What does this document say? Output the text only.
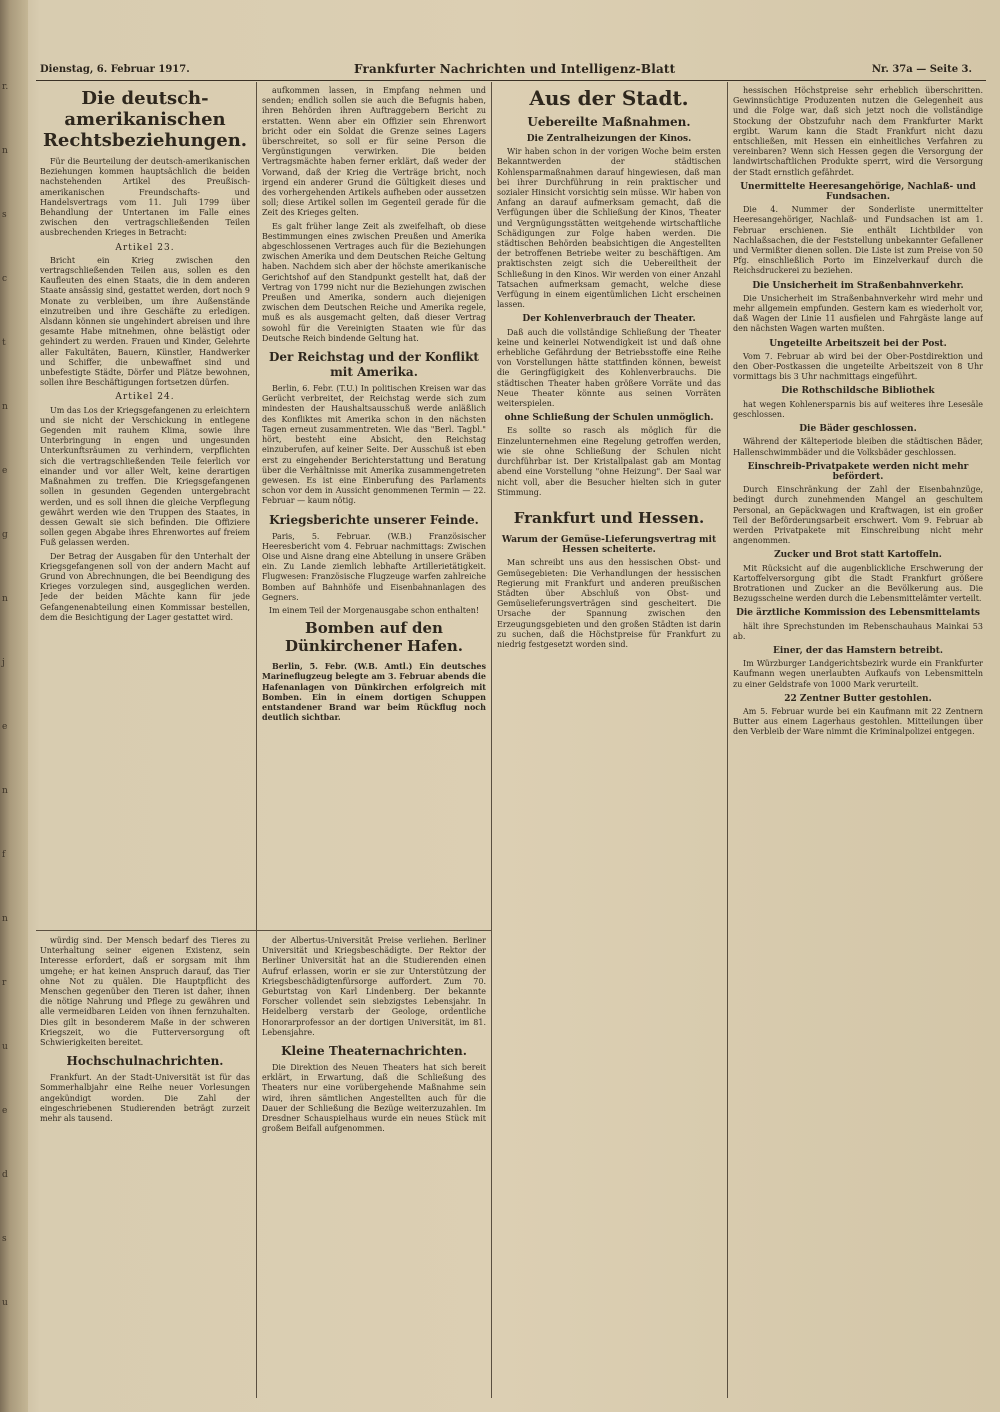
r.
n
s
c
t
n
e
g
n
j
e
n
f
n
r
u
e
d
s
u
Dienstag, 6. Februar 1917.	Frankfurter Nachrichten und Intelligenz-Blatt	Nr. 37a — Seite 3.
Die deutsch-amerikanischen Rechtsbeziehungen.

Für die Beurteilung der deutsch-amerikanischen Beziehungen kommen hauptsächlich die beiden nachstehenden Artikel des Preußisch-amerikanischen Freundschafts- und Handelsvertrags vom 11. Juli 1799 über Behandlung der Untertanen im Falle eines zwischen den vertragschließenden Teilen ausbrechenden Krieges in Betracht:

Artikel 23.

Bricht ein Krieg zwischen den vertragschließenden Teilen aus, sollen es den Kaufleuten des einen Staats, die in dem anderen Staate ansässig sind, gestattet werden, dort noch 9 Monate zu verbleiben, um ihre Außenstände einzutreiben und ihre Geschäfte zu erledigen. Alsdann können sie ungehindert abreisen und ihre gesamte Habe mitnehmen, ohne belästigt oder gehindert zu werden. Frauen und Kinder, Gelehrte aller Fakultäten, Bauern, Künstler, Handwerker und Schiffer, die unbewaffnet sind und unbefestigte Städte, Dörfer und Plätze bewohnen, sollen ihre Beschäftigungen fortsetzen dürfen.

Artikel 24.

Um das Los der Kriegsgefangenen zu erleichtern und sie nicht der Verschickung in entlegene Gegenden mit rauhem Klima, sowie ihre Unterbringung in engen und ungesunden Unterkunftsräumen zu verhindern, verpflichten sich die vertragschließenden Teile feierlich vor einander und vor aller Welt, keine derartigen Maßnahmen zu treffen. Die Kriegsgefangenen sollen in gesunden Gegenden untergebracht werden, und es soll ihnen die gleiche Verpflegung gewährt werden wie den Truppen des Staates, in dessen Gewalt sie sich befinden. Die Offiziere sollen gegen Abgabe ihres Ehrenwortes auf freiem Fuß gelassen werden.

Der Betrag der Ausgaben für den Unterhalt der Kriegsgefangenen soll von der andern Macht auf Grund von Abrechnungen, die bei Beendigung des Krieges vorzulegen sind, ausgeglichen werden. Jede der beiden Mächte kann für jede Gefangenenabteilung einen Kommissar bestellen, dem die Besichtigung der Lager gestattet wird.

würdig sind. Der Mensch bedarf des Tieres zu Unterhaltung seiner eigenen Existenz, sein Interesse erfordert, daß er sorgsam mit ihm umgehe; er hat keinen Anspruch darauf, das Tier ohne Not zu quälen. Die Hauptpflicht des Menschen gegenüber den Tieren ist daher, ihnen die nötige Nahrung und Pflege zu gewähren und alle vermeidbaren Leiden von ihnen fernzuhalten. Dies gilt in besonderem Maße in der schweren Kriegszeit, wo die Futterversorgung oft Schwierigkeiten bereitet.

Hochschulnachrichten.

Frankfurt. An der Stadt-Universität ist für das Sommerhalbjahr eine Reihe neuer Vorlesungen angekündigt worden. Die Zahl der eingeschriebenen Studierenden beträgt zurzeit mehr als tausend.

aufkommen lassen, in Empfang nehmen und senden; endlich sollen sie auch die Befugnis haben, ihren Behörden ihren Auftraggebern Bericht zu erstatten. Wenn aber ein Offizier sein Ehrenwort bricht oder ein Soldat die Grenze seines Lagers überschreitet, so soll er für seine Person die Vergünstigungen verwirken. Die beiden Vertragsmächte haben ferner erklärt, daß weder der Vorwand, daß der Krieg die Verträge bricht, noch irgend ein anderer Grund die Gültigkeit dieses und des vorhergehenden Artikels aufheben oder aussetzen soll; diese Artikel sollen im Gegenteil gerade für die Zeit des Krieges gelten.

Es galt früher lange Zeit als zweifelhaft, ob diese Bestimmungen eines zwischen Preußen und Amerika abgeschlossenen Vertrages auch für die Beziehungen zwischen Amerika und dem Deutschen Reiche Geltung haben. Nachdem sich aber der höchste amerikanische Gerichtshof auf den Standpunkt gestellt hat, daß der Vertrag von 1799 nicht nur die Beziehungen zwischen Preußen und Amerika, sondern auch diejenigen zwischen dem Deutschen Reiche und Amerika regele, muß es als ausgemacht gelten, daß dieser Vertrag sowohl für die Vereinigten Staaten wie für das Deutsche Reich bindende Geltung hat.

Der Reichstag und der Konflikt mit Amerika.

Berlin, 6. Febr. (T.U.) In politischen Kreisen war das Gerücht verbreitet, der Reichstag werde sich zum mindesten der Haushaltsausschuß werde anläßlich des Konfliktes mit Amerika schon in den nächsten Tagen erneut zusammentreten. Wie das "Berl. Tagbl." hört, besteht eine Absicht, den Reichstag einzuberufen, auf keiner Seite. Der Ausschuß ist eben erst zu eingehender Berichterstattung und Beratung über die Verhältnisse mit Amerika zusammengetreten gewesen. Es ist eine Einberufung des Parlaments schon vor dem in Aussicht genommenen Termin — 22. Februar — kaum nötig.

Kriegsberichte unserer Feinde.

Paris, 5. Februar. (W.B.) Französischer Heeresbericht vom 4. Februar nachmittags: Zwischen Oise und Aisne drang eine Abteilung in unsere Gräben ein. Zu Lande ziemlich lebhafte Artillerietätigkeit. Flugwesen: Französische Flugzeuge warfen zahlreiche Bomben auf Bahnhöfe und Eisenbahnanlagen des Gegners.

Im einem Teil der Morgenausgabe schon enthalten!
Bomben auf den Dünkirchener Hafen.

Berlin, 5. Febr. (W.B. Amtl.) Ein deutsches Marineflugzeug belegte am 3. Februar abends die Hafenanlagen von Dünkirchen erfolgreich mit Bomben. Ein in einem dortigen Schuppen entstandener Brand war beim Rückflug noch deutlich sichtbar.

der Albertus-Universität Preise verliehen. Berliner Universität und Kriegsbeschädigte. Der Rektor der Berliner Universität hat an die Studierenden einen Aufruf erlassen, worin er sie zur Unterstützung der Kriegsbeschädigtenfürsorge auffordert. Zum 70. Geburtstag von Karl Lindenberg. Der bekannte Forscher vollendet sein siebzigstes Lebensjahr. In Heidelberg verstarb der Geologe, ordentliche Honorarprofessor an der dortigen Universität, im 81. Lebensjahre.

Kleine Theaternachrichten.

Die Direktion des Neuen Theaters hat sich bereit erklärt, in Erwartung, daß die Schließung des Theaters nur eine vorübergehende Maßnahme sein wird, ihren sämtlichen Angestellten auch für die Dauer der Schließung die Bezüge weiterzuzahlen. Im Dresdner Schauspielhaus wurde ein neues Stück mit großem Beifall aufgenommen.

Aus der Stadt.
Uebereilte Maßnahmen.
Die Zentralheizungen der Kinos.

Wir haben schon in der vorigen Woche beim ersten Bekanntwerden der städtischen Kohlensparmaßnahmen darauf hingewiesen, daß man bei ihrer Durchführung in rein praktischer und sozialer Hinsicht vorsichtig sein müsse. Wir haben von Anfang an darauf aufmerksam gemacht, daß die Verfügungen über die Schließung der Kinos, Theater und Vergnügungsstätten weitgehende wirtschaftliche Schädigungen zur Folge haben werden. Die städtischen Behörden beabsichtigen die Angestellten der betroffenen Betriebe weiter zu beschäftigen. Am praktischsten zeigt sich die Uebereiltheit der Schließung in den Kinos. Wir werden von einer Anzahl Tatsachen aufmerksam gemacht, welche diese Verfügung in einem eigentümlichen Licht erscheinen lassen.

Der Kohlenverbrauch der Theater.

Daß auch die vollständige Schließung der Theater keine und keinerlei Notwendigkeit ist und daß ohne erhebliche Gefährdung der Betriebsstoffe eine Reihe von Vorstellungen hätte stattfinden können, beweist die Geringfügigkeit des Kohlenverbrauchs. Die städtischen Theater haben größere Vorräte und das Neue Theater könnte aus seinen Vorräten weiterspielen.

ohne Schließung der Schulen unmöglich.

Es sollte so rasch als möglich für die Einzelunternehmen eine Regelung getroffen werden, wie sie ohne Schließung der Schulen nicht durchführbar ist. Der Kristallpalast gab am Montag abend eine Vorstellung "ohne Heizung". Der Saal war nicht voll, aber die Besucher hielten sich in guter Stimmung.

Frankfurt und Hessen.
Warum der Gemüse-Lieferungsvertrag mit Hessen scheiterte.

Man schreibt uns aus den hessischen Obst- und Gemüsegebieten: Die Verhandlungen der hessischen Regierung mit Frankfurt und anderen preußischen Städten über Abschluß von Obst- und Gemüselieferungsverträgen sind gescheitert. Die Ursache der Spannung zwischen den Erzeugungsgebieten und den großen Städten ist darin zu suchen, daß die Höchstpreise für Frankfurt zu niedrig festgesetzt worden sind.

hessischen Höchstpreise sehr erheblich überschritten. Gewinnsüchtige Produzenten nutzen die Gelegenheit aus und die Folge war, daß sich jetzt noch die vollständige Stockung der Obstzufuhr nach dem Frankfurter Markt ergibt. Warum kann die Stadt Frankfurt nicht dazu entschließen, mit Hessen ein einheitliches Verfahren zu vereinbaren? Wenn sich Hessen gegen die Versorgung der landwirtschaftlichen Produkte sperrt, wird die Versorgung der Stadt ernstlich gefährdet.

Unermittelte Heeresangehörige, Nachlaß- und Fundsachen.

Die 4. Nummer der Sonderliste unermittelter Heeresangehöriger, Nachlaß- und Fundsachen ist am 1. Februar erschienen. Sie enthält Lichtbilder von Nachlaßsachen, die der Feststellung unbekannter Gefallener und Vermißter dienen sollen. Die Liste ist zum Preise von 50 Pfg. einschließlich Porto im Einzelverkauf durch die Reichsdruckerei zu beziehen.

Die Unsicherheit im Straßenbahnverkehr.

Die Unsicherheit im Straßenbahnverkehr wird mehr und mehr allgemein empfunden. Gestern kam es wiederholt vor, daß Wagen der Linie 11 ausfielen und Fahrgäste lange auf den nächsten Wagen warten mußten.

Ungeteilte Arbeitszeit bei der Post.

Vom 7. Februar ab wird bei der Ober-Postdirektion und den Ober-Postkassen die ungeteilte Arbeitszeit von 8 Uhr vormittags bis 3 Uhr nachmittags eingeführt.

Die Rothschildsche Bibliothek

hat wegen Kohlenersparnis bis auf weiteres ihre Lesesäle geschlossen.

Die Bäder geschlossen.

Während der Kälteperiode bleiben die städtischen Bäder, Hallenschwimmbäder und die Volksbäder geschlossen.

Einschreib-Privatpakete werden nicht mehr befördert.

Durch Einschränkung der Zahl der Eisenbahnzüge, bedingt durch zunehmenden Mangel an geschultem Personal, an Gepäckwagen und Kraftwagen, ist ein großer Teil der Beförderungsarbeit erschwert. Vom 9. Februar ab werden Privatpakete mit Einschreibung nicht mehr angenommen.

Zucker und Brot statt Kartoffeln.

Mit Rücksicht auf die augenblickliche Erschwerung der Kartoffelversorgung gibt die Stadt Frankfurt größere Brotrationen und Zucker an die Bevölkerung aus. Die Bezugsscheine werden durch die Lebensmittelämter verteilt.

Die ärztliche Kommission des Lebensmittelamts

hält ihre Sprechstunden im Rebenschauhaus Mainkai 53 ab.

Einer, der das Hamstern betreibt.

Im Würzburger Landgerichtsbezirk wurde ein Frankfurter Kaufmann wegen unerlaubten Aufkaufs von Lebensmitteln zu einer Geldstrafe von 1000 Mark verurteilt.

22 Zentner Butter gestohlen.

Am 5. Februar wurde bei ein Kaufmann mit 22 Zentnern Butter aus einem Lagerhaus gestohlen. Mitteilungen über den Verbleib der Ware nimmt die Kriminalpolizei entgegen.
